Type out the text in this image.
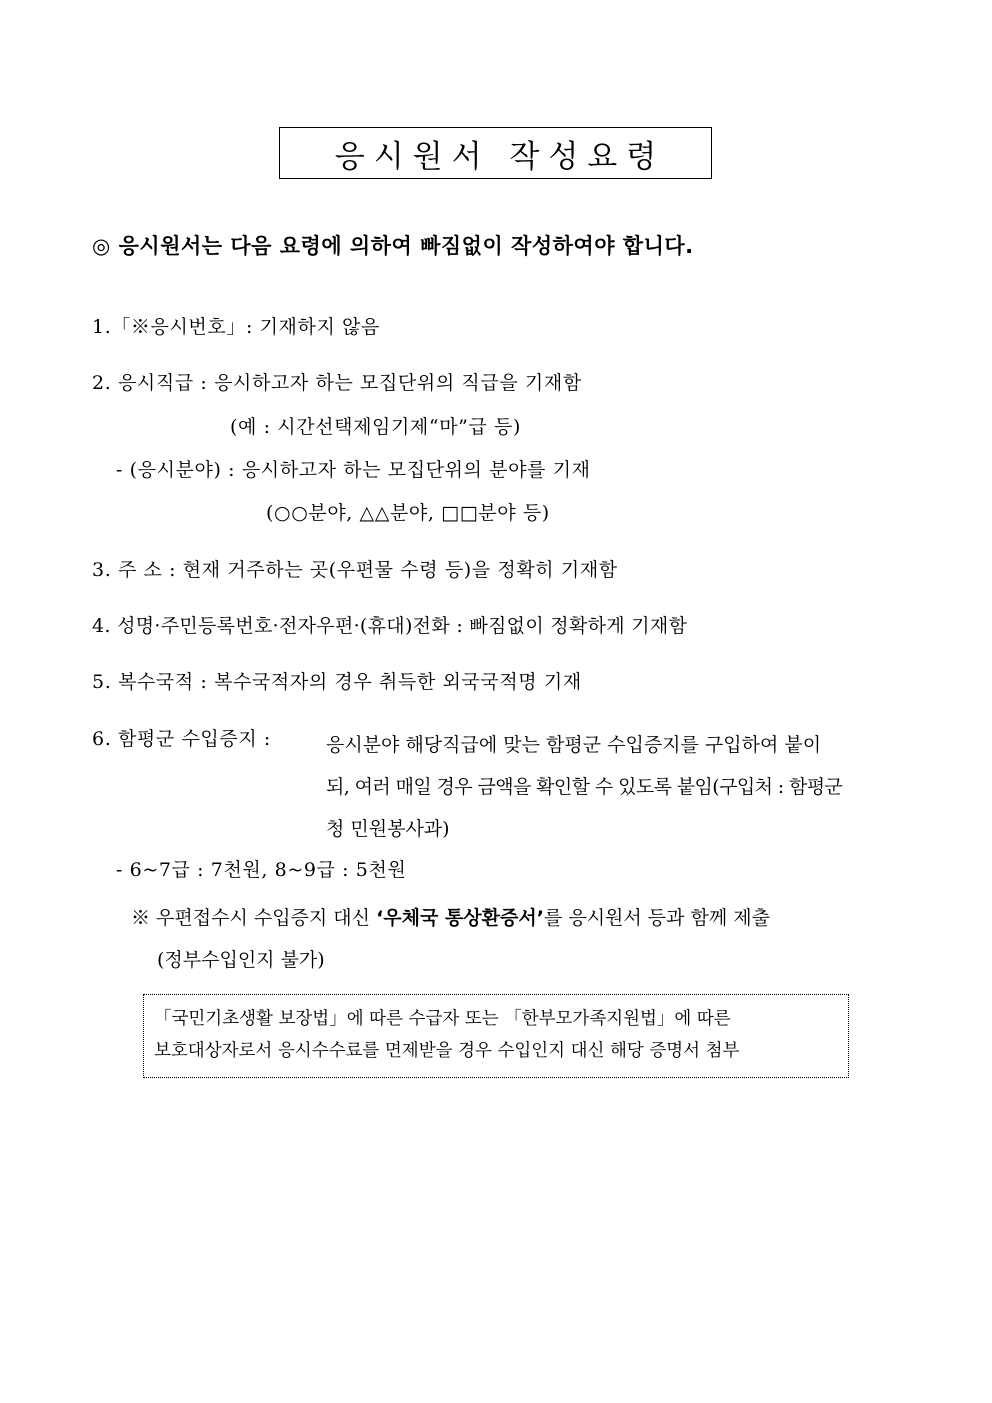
응시원서 작성요령
◎ 응시원서는 다음 요령에 의하여 빠짐없이 작성하여야 합니다.
1.「※응시번호」: 기재하지 않음
2. 응시직급 : 응시하고자 하는 모집단위의 직급을 기재함
(예 : 시간선택제임기제“마”급 등)
- (응시분야) : 응시하고자 하는 모집단위의 분야를 기재
(○○분야, △△분야, □□분야 등)
3. 주 소 : 현재 거주하는 곳(우편물 수령 등)을 정확히 기재함
4. 성명·주민등록번호·전자우편·(휴대)전화 : 빠짐없이 정확하게 기재함
5. 복수국적 : 복수국적자의 경우 취득한 외국국적명 기재
6. 함평군 수입증지 :	응시분야 해당직급에 맞는 함평군 수입증지를 구입하여 붙이
되, 여러 매일 경우 금액을 확인할 수 있도록 붙임(구입처 : 함평군
청 민원봉사과)
- 6~7급 : 7천원, 8~9급 : 5천원
※ 우편접수시 수입증지 대신 ‘우체국 통상환증서’를 응시원서 등과 함께 제출
(정부수입인지 불가)
「국민기초생활 보장법」에 따른 수급자 또는 「한부모가족지원법」에 따른
보호대상자로서 응시수수료를 면제받을 경우 수입인지 대신 해당 증명서 첨부
